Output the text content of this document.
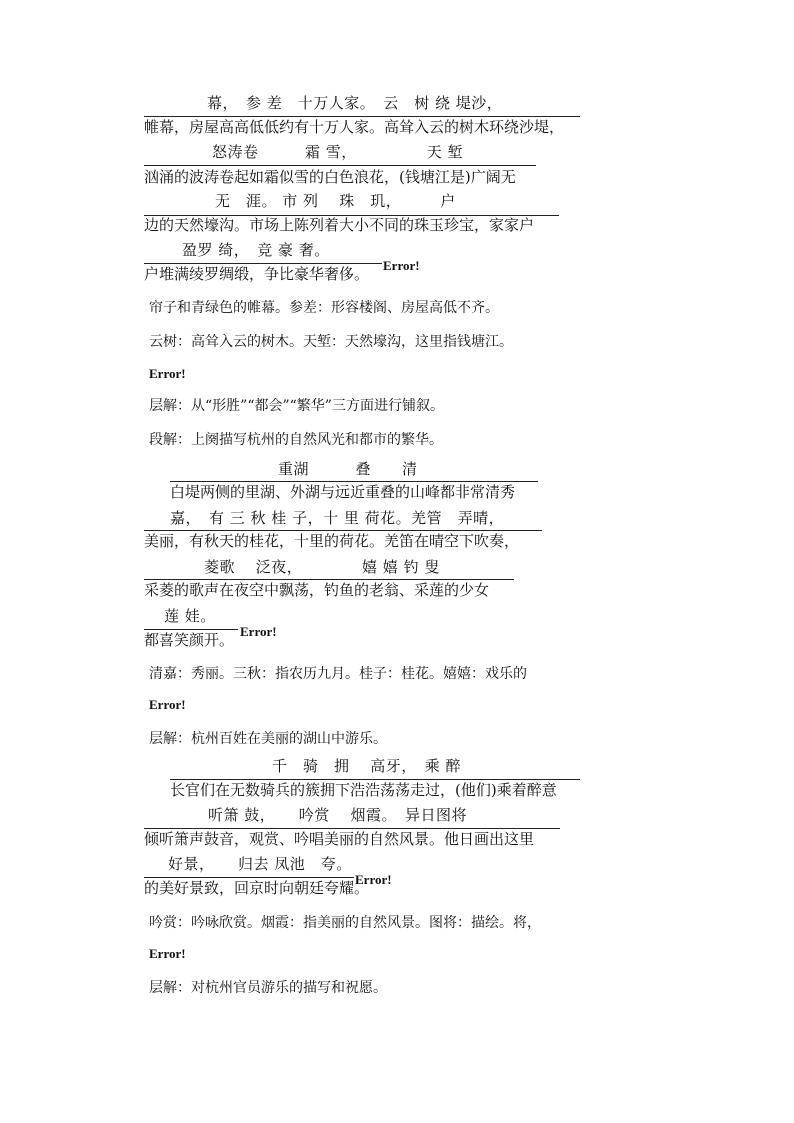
幕，　参 差　十万人家。　云　树 绕 堤沙，
帷幕，房屋高高低低约有十万人家。高耸入云的树木环绕沙堤，
怒涛卷　　　霜 雪，　　　　　天 堑
汹涌的波涛卷起如霜似雪的白色浪花，(钱塘江是)广阔无
无　涯。 市 列　 珠　玑，　　　户
边的天然壕沟。市场上陈列着大小不同的珠玉珍宝，家家户
盈罗 绮，　竞 豪 奢。
Error!
户堆满绫罗绸缎，争比豪华奢侈。
帘子和青绿色的帷幕。参差：形容楼阁、房屋高低不齐。
云树：高耸入云的树木。天堑：天然壕沟，这里指钱塘江。
Error!
层解：从“形胜”“都会”“繁华”三方面进行铺叙。
段解：上阕描写杭州的自然风光和都市的繁华。
重湖　　　叠　　清
白堤两侧的里湖、外湖与远近重叠的山峰都非常清秀
嘉，　有 三 秋 桂 子，十 里 荷花。羌管　弄晴，
美丽，有秋天的桂花，十里的荷花。羌笛在晴空下吹奏，
菱歌　 泛夜，　　　　 嬉 嬉 钓 叟
采菱的歌声在夜空中飘荡，钓鱼的老翁、采莲的少女
莲 娃。
Error!
都喜笑颜开。
清嘉：秀丽。三秋：指农历九月。桂子：桂花。嬉嬉：戏乐的
Error!
层解：杭州百姓在美丽的湖山中游乐。
千　骑　拥　 高牙，　乘 醉
长官们在无数骑兵的簇拥下浩浩荡荡走过，(他们)乘着醉意
听箫 鼓，　　吟赏　 烟霞。　异日图将
倾听箫声鼓音，观赏、吟唱美丽的自然风景。他日画出这里
好景，　　归去 凤池　夸。
Error!
的美好景致，回京时向朝廷夸耀。
吟赏：吟咏欣赏。烟霞：指美丽的自然风景。图将：描绘。将，
Error!
层解：对杭州官员游乐的描写和祝愿。
